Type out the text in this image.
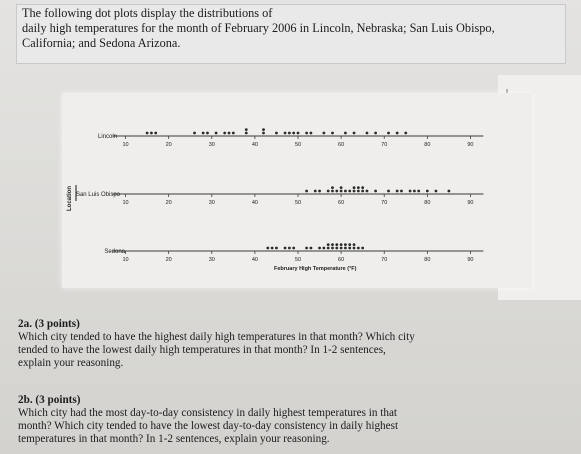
The following dot plots display the distributions of
daily high temperatures for the month of February 2006 in Lincoln, Nebraska; San Luis Obispo,
California; and Sedona Arizona.
Location
Lincoln
10	20	30	40	50	60	70	80	90
San Luis Obispo
10	20	30	40	50	60	70	80	90
Sedona
10	20	30	40	50	60	70	80	90
February High Temperature (°F)
2a. (3 points)
Which city tended to have the highest daily high temperatures in that month? Which city
tended to have the lowest daily high temperatures in that month? In 1-2 sentences,
explain your reasoning.
2b. (3 points)
Which city had the most day-to-day consistency in daily highest temperatures in that
month? Which city tended to have the lowest day-to-day consistency in daily highest
temperatures in that month? In 1-2 sentences, explain your reasoning.
